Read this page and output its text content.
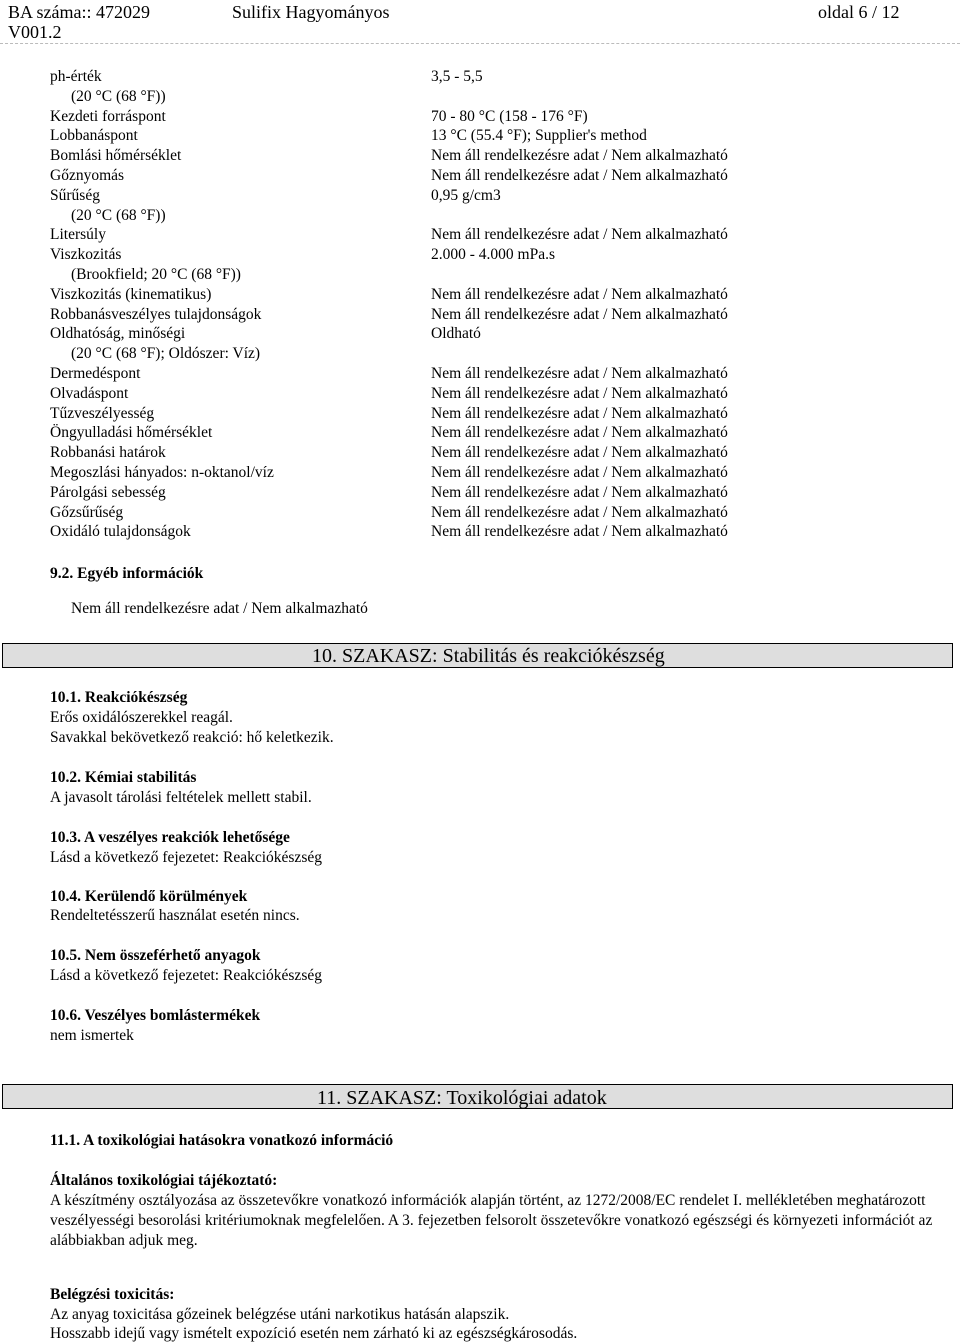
BA száma:: 472029
V001.2
Sulifix Hagyományos	oldal 6 / 12
ph-érték	3,5 - 5,5
(20 °C (68 °F))
Kezdeti forráspont	70 - 80 °C (158 - 176 °F)
Lobbanáspont	13 °C (55.4 °F); Supplier's method
Bomlási hőmérséklet	Nem áll rendelkezésre adat / Nem alkalmazható
Gőznyomás	Nem áll rendelkezésre adat / Nem alkalmazható
Sűrűség	0,95 g/cm3
(20 °C (68 °F))
Litersúly	Nem áll rendelkezésre adat / Nem alkalmazható
Viszkozitás	2.000 - 4.000 mPa.s
(Brookfield; 20 °C (68 °F))
Viszkozitás (kinematikus)	Nem áll rendelkezésre adat / Nem alkalmazható
Robbanásveszélyes tulajdonságok	Nem áll rendelkezésre adat / Nem alkalmazható
Oldhatóság, minőségi	Oldható
(20 °C (68 °F); Oldószer: Víz)
Dermedéspont	Nem áll rendelkezésre adat / Nem alkalmazható
Olvadáspont	Nem áll rendelkezésre adat / Nem alkalmazható
Tűzveszélyesség	Nem áll rendelkezésre adat / Nem alkalmazható
Öngyulladási hőmérséklet	Nem áll rendelkezésre adat / Nem alkalmazható
Robbanási határok	Nem áll rendelkezésre adat / Nem alkalmazható
Megoszlási hányados: n-oktanol/víz	Nem áll rendelkezésre adat / Nem alkalmazható
Párolgási sebesség	Nem áll rendelkezésre adat / Nem alkalmazható
Gőzsűrűség	Nem áll rendelkezésre adat / Nem alkalmazható
Oxidáló tulajdonságok	Nem áll rendelkezésre adat / Nem alkalmazható
9.2. Egyéb információk
Nem áll rendelkezésre adat / Nem alkalmazható
10. SZAKASZ: Stabilitás és reakciókészség
10.1. Reakciókészség
Erős oxidálószerekkel reagál.
Savakkal bekövetkező reakció: hő keletkezik.
10.2. Kémiai stabilitás
A javasolt tárolási feltételek mellett stabil.
10.3. A veszélyes reakciók lehetősége
Lásd a következő fejezetet: Reakciókészség
10.4. Kerülendő körülmények
Rendeltetésszerű használat esetén nincs.
10.5. Nem összeférhető anyagok
Lásd a következő fejezetet: Reakciókészség
10.6. Veszélyes bomlástermékek
nem ismertek
11. SZAKASZ: Toxikológiai adatok
11.1. A toxikológiai hatásokra vonatkozó információ
Általános toxikológiai tájékoztató:
A készítmény osztályozása az összetevőkre vonatkozó információk alapján történt, az 1272/2008/EC rendelet I. mellékletében meghatározott veszélyességi besorolási kritériumoknak megfelelően. A 3. fejezetben felsorolt összetevőkre vonatkozó egészségi és környezeti információt az alábbiakban adjuk meg.
Belégzési toxicitás:
Az anyag toxicitása gőzeinek belégzése utáni narkotikus hatásán alapszik.
Hosszabb idejű vagy ismételt expozíció esetén nem zárható ki az egészségkárosodás.
